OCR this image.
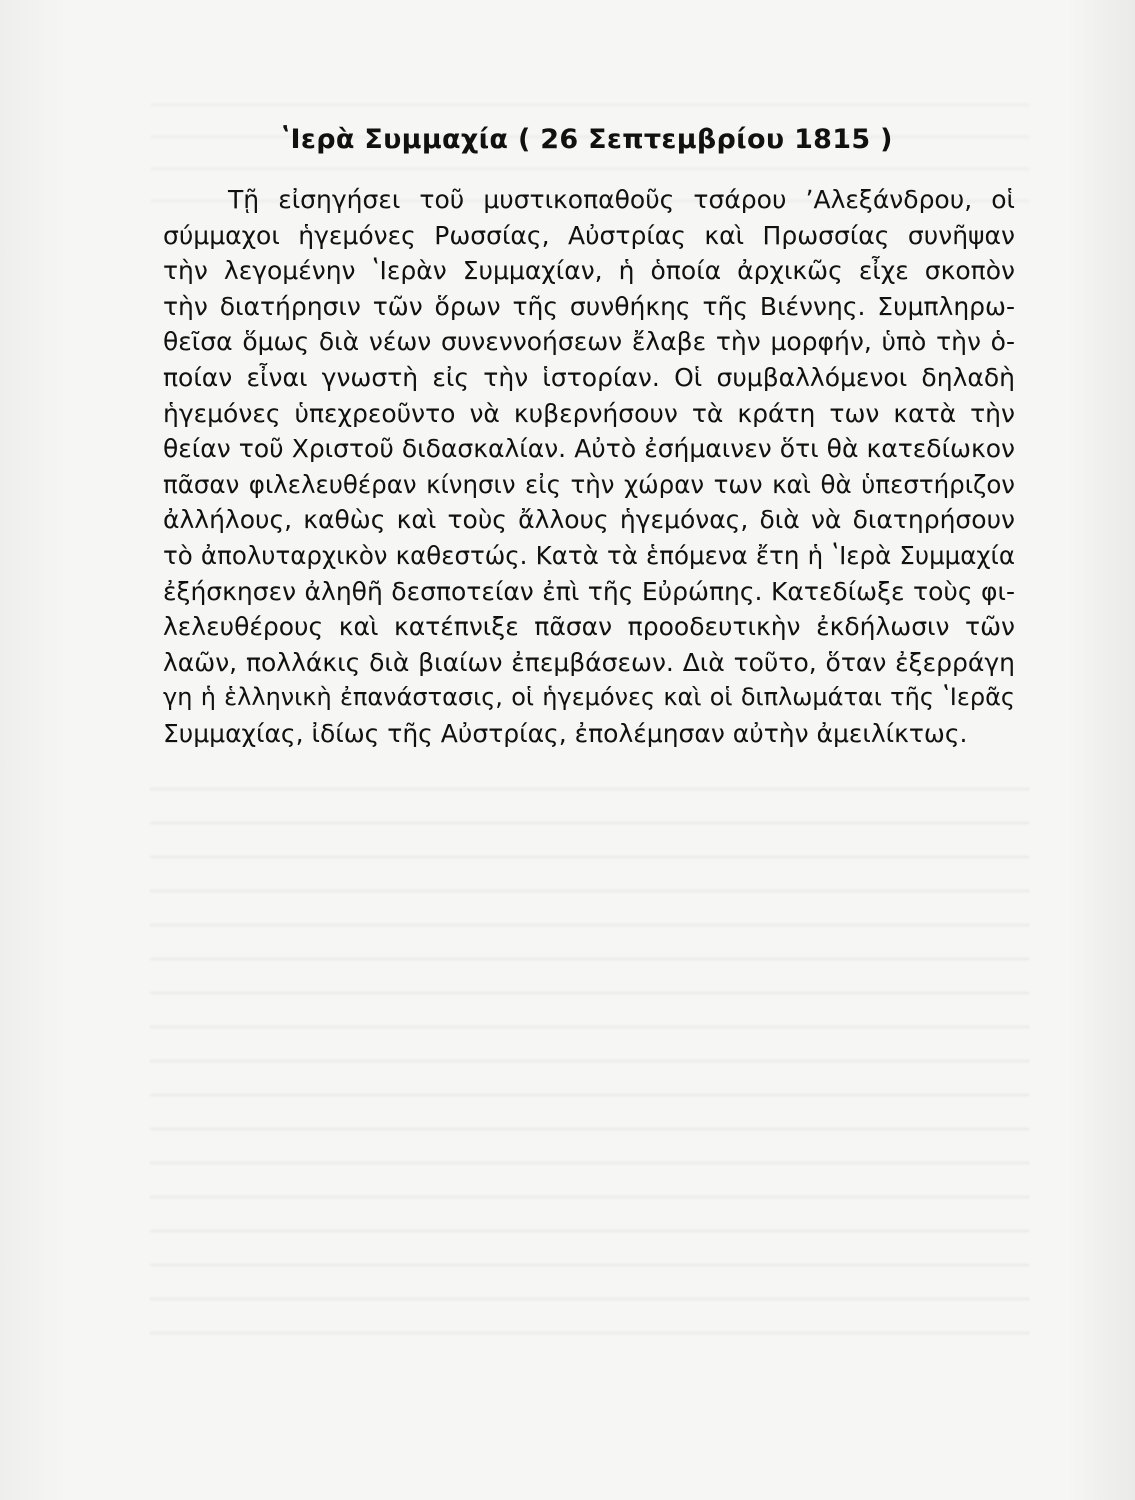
ʽΙερὰ Συμμαχία ( 26 Σεπτεμβρίου 1815 )
Τῇ εἰσηγήσει τοῦ μυστικοπαθοῦς τσάρου ʼΑλεξάνδρου, οἱ
σύμμαχοι ἡγεμόνες Ρωσσίας, Αὐστρίας καὶ Πρωσσίας συνῆψαν
τὴν λεγομένην ʽΙερὰν Συμμαχίαν, ἡ ὁποία ἀρχικῶς εἶχε σκοπὸν
τὴν διατήρησιν τῶν ὅρων τῆς συνθήκης τῆς Βιέννης. Συμπληρω-
θεῖσα ὅμως διὰ νέων συνεννοήσεων ἔλαβε τὴν μορφήν, ὑπὸ τὴν ὁ-
ποίαν εἶναι γνωστὴ εἰς τὴν ἱστορίαν. Οἱ συμβαλλόμενοι δηλαδὴ
ἡγεμόνες ὑπεχρεοῦντο νὰ κυβερνήσουν τὰ κράτη των κατὰ τὴν
θείαν τοῦ Χριστοῦ διδασκαλίαν. Αὐτὸ ἐσήμαινεν ὅτι θὰ κατεδίωκον
πᾶσαν φιλελευθέραν κίνησιν εἰς τὴν χώραν των καὶ θὰ ὑπεστήριζον
ἀλλήλους, καθὼς καὶ τοὺς ἄλλους ἡγεμόνας, διὰ νὰ διατηρήσουν
τὸ ἀπολυταρχικὸν καθεστώς. Κατὰ τὰ ἑπόμενα ἔτη ἡ ʽΙερὰ Συμμαχία
ἐξήσκησεν ἀληθῆ δεσποτείαν ἐπὶ τῆς Εὐρώπης. Κατεδίωξε τοὺς φι-
λελευθέρους καὶ κατέπνιξε πᾶσαν προοδευτικὴν ἐκδήλωσιν τῶν
λαῶν, πολλάκις διὰ βιαίων ἐπεμβάσεων. Διὰ τοῦτο, ὅταν ἐξερράγη
γη ἡ ἑλληνικὴ ἐπανάστασις, οἱ ἡγεμόνες καὶ οἱ διπλωμάται τῆς ʽΙερᾶς
Συμμαχίας, ἰδίως τῆς Αὐστρίας, ἐπολέμησαν αὐτὴν ἀμειλίκτως.
